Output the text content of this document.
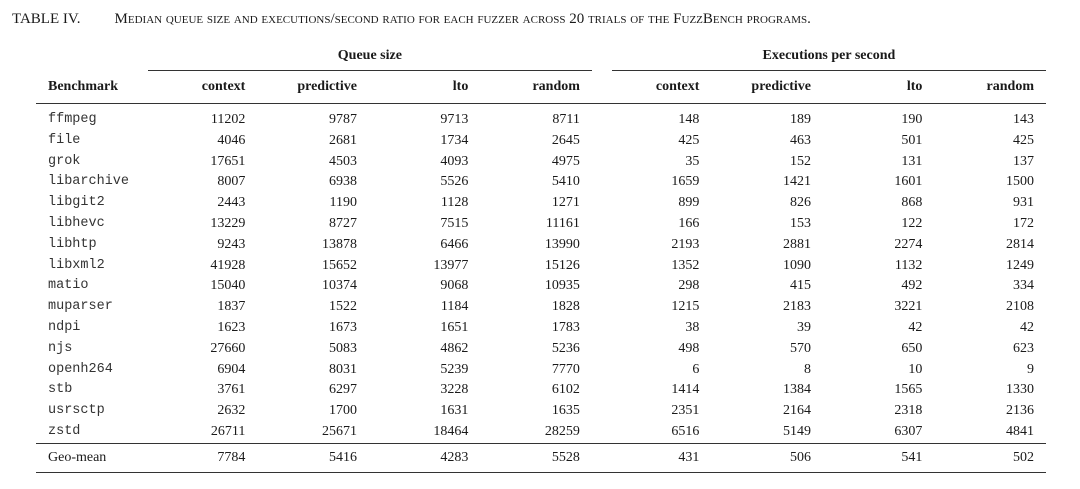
TABLE IV. Median queue size and executions/second ratio for each fuzzer across 20 trials of the FuzzBench programs.
	Queue size					Executions per second			
Benchmark	context	predictive	lto	random		context	predictive	lto	random
ffmpeg	11202	9787	9713	8711		148	189	190	143
file	4046	2681	1734	2645		425	463	501	425
grok	17651	4503	4093	4975		35	152	131	137
libarchive	8007	6938	5526	5410		1659	1421	1601	1500
libgit2	2443	1190	1128	1271		899	826	868	931
libhevc	13229	8727	7515	11161		166	153	122	172
libhtp	9243	13878	6466	13990		2193	2881	2274	2814
libxml2	41928	15652	13977	15126		1352	1090	1132	1249
matio	15040	10374	9068	10935		298	415	492	334
muparser	1837	1522	1184	1828		1215	2183	3221	2108
ndpi	1623	1673	1651	1783		38	39	42	42
njs	27660	5083	4862	5236		498	570	650	623
openh264	6904	8031	5239	7770		6	8	10	9
stb	3761	6297	3228	6102		1414	1384	1565	1330
usrsctp	2632	1700	1631	1635		2351	2164	2318	2136
zstd	26711	25671	18464	28259		6516	5149	6307	4841
Geo-mean	7784	5416	4283	5528		431	506	541	502
